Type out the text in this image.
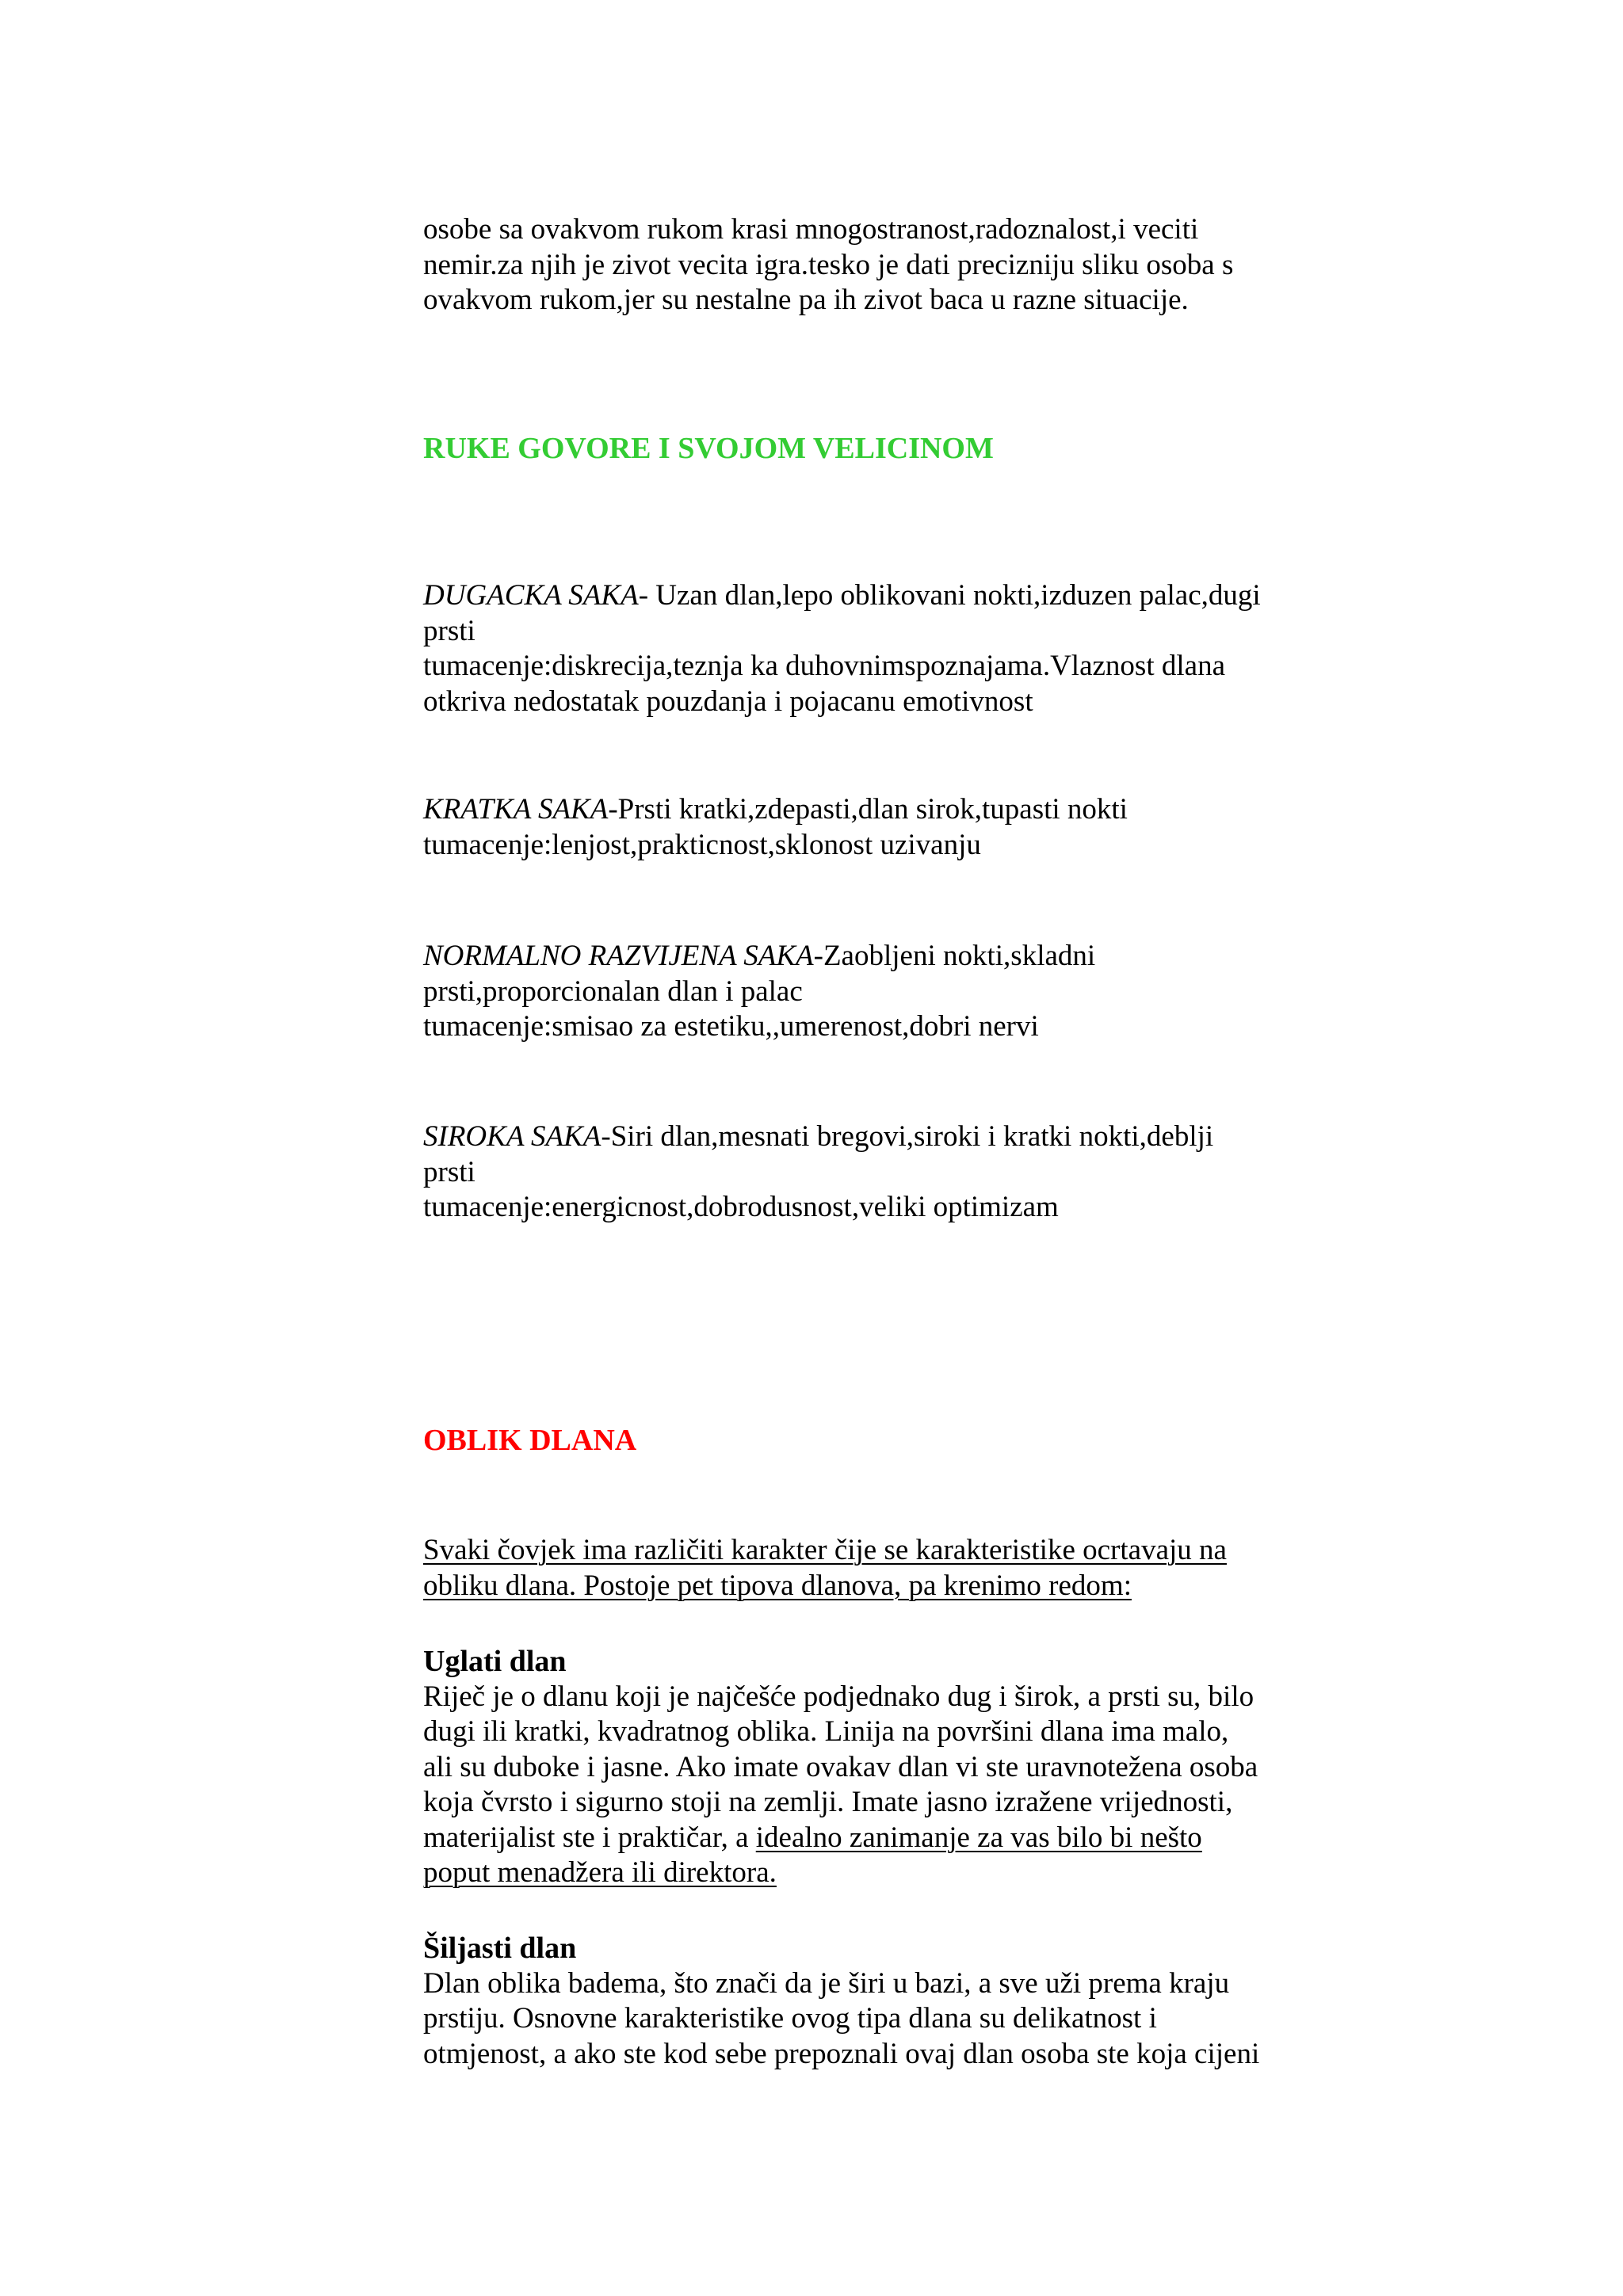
osobe sa ovakvom rukom krasi mnogostranost,radoznalost,i veciti
nemir.za njih je zivot vecita igra.tesko je dati precizniju sliku osoba s
ovakvom rukom,jer su nestalne pa ih zivot baca u razne situacije.
RUKE GOVORE I SVOJOM VELICINOM
DUGACKA SAKA- Uzan dlan,lepo oblikovani nokti,izduzen palac,dugi
prsti
tumacenje:diskrecija,teznja ka duhovnimspoznajama.Vlaznost dlana
otkriva nedostatak pouzdanja i pojacanu emotivnost
KRATKA SAKA-Prsti kratki,zdepasti,dlan sirok,tupasti nokti
tumacenje:lenjost,prakticnost,sklonost uzivanju
NORMALNO RAZVIJENA SAKA-Zaobljeni nokti,skladni
prsti,proporcionalan dlan i palac
tumacenje:smisao za estetiku,,umerenost,dobri nervi
SIROKA SAKA-Siri dlan,mesnati bregovi,siroki i kratki nokti,deblji
prsti
tumacenje:energicnost,dobrodusnost,veliki optimizam
OBLIK DLANA
Svaki čovjek ima različiti karakter čije se karakteristike ocrtavaju na
obliku dlana. Postoje pet tipova dlanova, pa krenimo redom:
Uglati dlan
Riječ je o dlanu koji je najčešće podjednako dug i širok, a prsti su, bilo
dugi ili kratki, kvadratnog oblika. Linija na površini dlana ima malo,
ali su duboke i jasne. Ako imate ovakav dlan vi ste uravnotežena osoba
koja čvrsto i sigurno stoji na zemlji. Imate jasno izražene vrijednosti,
materijalist ste i praktičar, a idealno zanimanje za vas bilo bi nešto
poput menadžera ili direktora.
Šiljasti dlan
Dlan oblika badema, što znači da je širi u bazi, a sve uži prema kraju
prstiju. Osnovne karakteristike ovog tipa dlana su delikatnost i
otmjenost, a ako ste kod sebe prepoznali ovaj dlan osoba ste koja cijeni
